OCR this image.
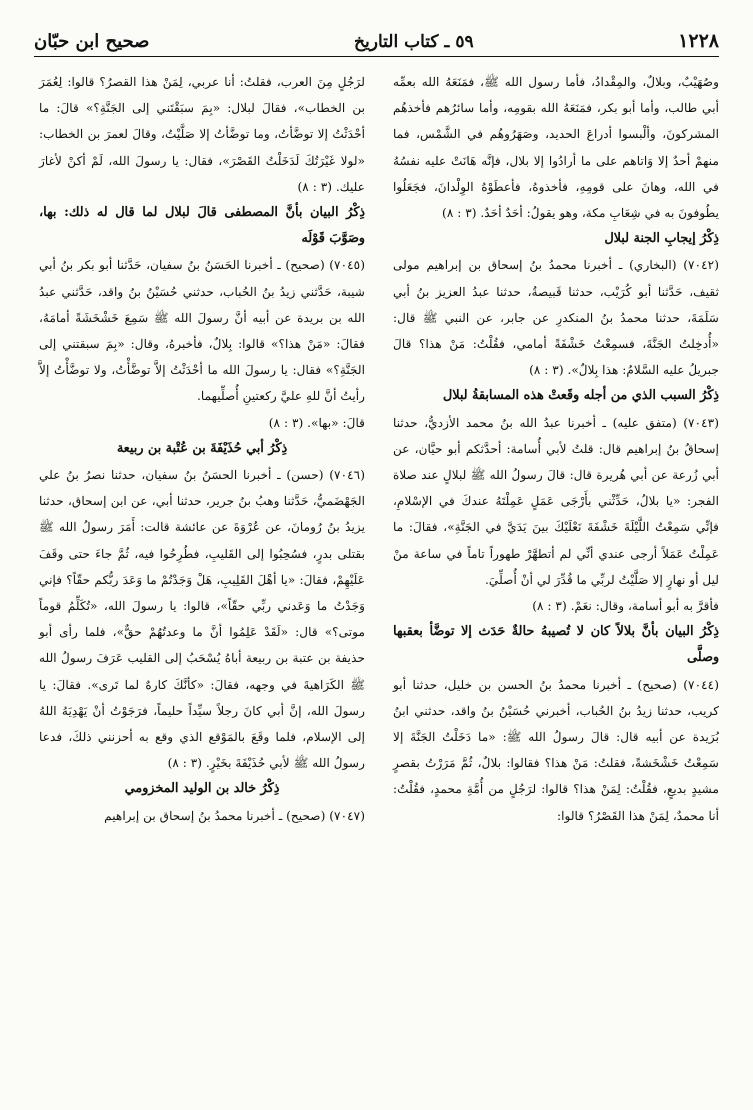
صحيح ابن حبّان	٥٩ ـ كتاب التاريخ	١٢٢٨

وصُهَيْبٌ، وبلالٌ، والمِقْدادُ، فأما رسول الله ﷺ، فمَنَعَهُ الله بعمِّه أبي طالب، وأما أبو بكر، فمَنَعَهُ الله بقومِه، وأما سائرُهم فأخذهُم المشركونَ، وألْبسوا أدراعَ الحديد، وصَهَرُوهُم في الشَّمْس، فما منهمْ أحدٌ إلا وَاتاهم على ما أرادُوا إلا بلال، فإنَّه هَانَتْ عليه نفسُهُ في الله، وهانَ على قومِهِ، فأخذوهُ، فأعطَوْهُ الوِلْدانَ، فجَعَلُوا يطُوفونَ به في شِعَابِ مكة، وهو يقولُ: أحَدٌ أحَدٌ. (٣ : ٨)

ذِكْرُ إيجابِ الجنة لبلال

(٧٠٤٢) (البخاري) ـ أخبرنا محمدُ بنُ إسحاق بن إبراهيم مولى ثقيف، حَدَّثنا أبو كُرَيْب، حدثنا قَبيصةُ، حدثنا عبدُ العزيز بنُ أبي سَلَمَةَ، حدثنا محمدُ بنُ المنكدرِ عن جابر، عن النبي ﷺ قال: «أُدخِلتُ الجَنَّةَ، فسمِعْتُ خَشْفَةً أمامي، فقُلْتُ: مَنْ هذا؟ قالَ جبريلُ عليه السَّلامُ: هذا بِلالٌ». (٣ : ٨)

ذِكْرُ السبب الذي من أجله وقَعتْ هذه المسابقةُ لبلال

(٧٠٤٣) (متفق عليه) ـ أخبرنا عبدُ الله بنُ محمد الأزديُّ، حدثنا إسحاقُ بنُ إبراهيم قال: قلتُ لأبي أُسامة: أحدَّثكم أبو حيَّان، عن أبي زُرعة عن أبي هُريرة قال: قالَ رسولُ الله ﷺ لبلالٍ عند صلاة الفجر: «يا بلالُ، حَدِّثْني بأَرْجَى عَمَلٍ عَمِلْتَهُ عندكَ في الإسْلامِ، فإنِّي سَمِعْتُ اللَّيْلَةَ خَشْفَةَ نَعْلَيْكَ بينَ يَدَيَّ في الجَنَّةِ»، فقالَ: ما عَمِلْتُ عَمَلاً أرجى عندي أنِّي لم أتطهَّرْ طهوراً تاماً في ساعة منْ ليل أو نهارٍ إلا صَلَّيْتُ لربِّي ما قُدِّرَ لي أنْ أُصلِّيَ.

فأقرَّ به أبو أسامة، وقال: نعَمْ. (٣ : ٨)

ذِكْرُ البيان بأنَّ بلالاً كان لا تُصيبهُ حالةٌ حَدَث إلا توضَّأ بعقبها وصلَّى

(٧٠٤٤) (صحيح) ـ أخبرنا محمدُ بنُ الحسن بن خليل، حدثنا أبو كريب، حدثنا زيدُ بنُ الحُباب، أخبرني حُسَيْنُ بنُ واقد، حدثني ابنُ بُرَيدة عن أبيه قال: قالَ رسولُ الله ﷺ: «ما دَخَلْتُ الجَنَّةَ إلا سَمِعْتُ خَشْخَشةً، فقلتُ: مَنْ هذا؟ فقالوا: بلالٌ، ثُمَّ مَرَرْتُ بقصرٍ مشيدٍ بديعٍ، فقُلْتُ: لِمَنْ هذا؟ قالوا: لرَجُلٍ من أُمَّةِ محمدٍ، فقُلْتُ: أنا محمدٌ، لِمَنْ هذا القَصْرُ؟ قالوا:

لرَجُلٍ مِنَ العرب، فقلتُ: أنا عربي، لِمَنْ هذا القصرُ؟ قالوا: لِعُمَرَ بن الخطاب»، فقالَ لبلال: «بِمَ سبَقْتَني إلى الجَنَّةِ؟» قالَ: ما أحْدَثْتُ إلا توضَّأتُ، وما توضَّأتُ إلا صَلَّيْتُ، وقالَ لعمرَ بن الخطاب: «لولا غَيْرَتُكَ لَدَخَلْتُ القَصْرَ»، فقال: يا رسولَ الله، لَمْ أكنْ لأغارَ عليك. (٣ : ٨)

ذِكْرُ البيان بأنَّ المصطفى قالَ لبلال لما قال له ذلك: بها، وصَوَّبَ قَوْلَه

(٧٠٤٥) (صحيح) ـ أخبرنا الحَسَنُ بنُ سفيان، حَدَّثنا أبو بكر بنُ أبي شيبة، حَدَّثني زيدُ بنُ الحُباب، حدثني حُسَيْنُ بنُ واقد، حَدَّثني عبدُ الله بن بريدة عن أبيه أنَّ رسولَ الله ﷺ سَمِعَ خَشْخَشَةً أمامَهُ، فقالَ: «مَنْ هذا؟» قالوا: بِلالٌ، فأخبرهُ، وقال: «بِمَ سبقتني إلى الجَنَّةِ؟» فقال: يا رسولَ الله ما أحْدَثْتُ إلاَّ توضَّأْتُ، ولا توضَّأْتُ إلاَّ رأيتُ أنَّ للهِ عليَّ ركعتينِ أُصلِّيهما.

قالَ: «بها». (٣ : ٨)

ذِكْرُ أبي حُذَيْفَةَ بن عُتْبة بن ربيعة

(٧٠٤٦) (حسن) ـ أخبرنا الحسَنُ بنُ سفيان، حدثنا نصرُ بنُ علي الجَهْضَميُّ، حَدَّثنا وهبُ بنُ جرير، حدثنا أبي، عن ابن إسحاق، حدثنا يزيدُ بنُ رُومانَ، عن عُرْوَةَ عن عائشة قالت: أَمَرَ رسولُ الله ﷺ بقتلى بدرٍ، فسُحِبُوا إلى القَليبِ، فطُرِحُوا فيه، ثُمَّ جاءَ حتى وقَفَ عَلَيْهِمْ، فقالَ: «يا أهْلَ القَلِيبِ، هَلْ وَجَدْتُمْ ما وَعَدَ ربُّكم حقّاً؟ فإني وَجَدْتُ ما وَعَدني ربِّي حقّاً»، قالوا: يا رسولَ الله، «تُكَلِّمُ قوماً موتى؟» قال: «لَقَدْ عَلِمُوا أنَّ ما وعدتُهُمْ حقٌّ»، فلما رأى أبو حذيفة بن عتبة بن ربيعة أباهُ يُسْحَبُ إلى القليب عَرَفَ رسولُ الله ﷺ الكَرَاهيةَ في وجهه، فقالَ: «كأنَّكَ كارهٌ لما تَرى». فقالَ: يا رسولَ الله، إنَّ أبي كانَ رجلاً سيِّداً حليماً، فرَجَوْتُ أنْ يَهْدِيَهُ اللهُ إلى الإسلام، فلما وقَعَ بالمَوْقع الذي وقع به أحزنني ذلكَ، فدعا رسولُ الله ﷺ لأبي حُذَيْفَةَ بخَيْرٍ. (٣ : ٨)

ذِكْرُ خالد بن الوليد المخزومي

(٧٠٤٧) (صحيح) ـ أخبرنا محمدُ بنُ إسحاق بن إبراهيم
